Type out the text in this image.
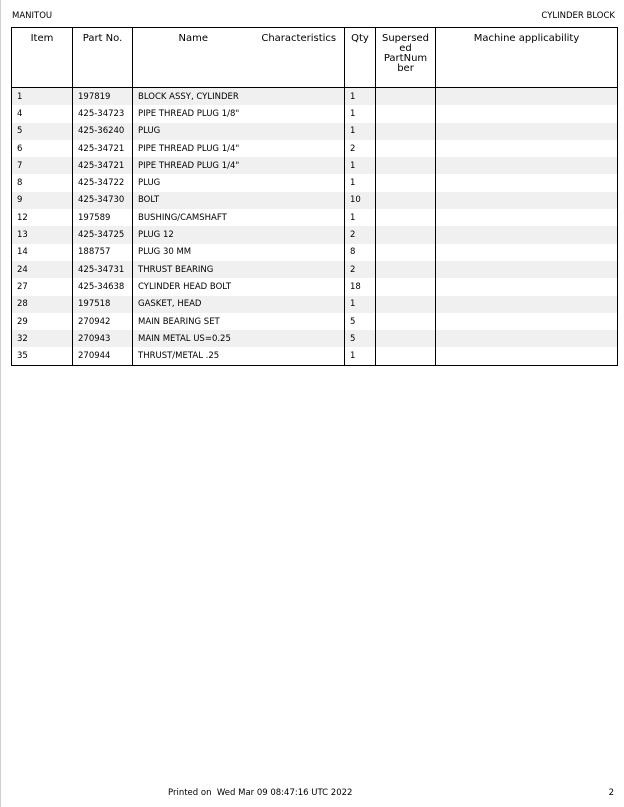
MANITOU	CYLINDER BLOCK
Item	Part No.	Name	Characteristics	Qty	Supersed
ed
PartNum
ber	Machine applicability
1	197819	BLOCK ASSY, CYLINDER		1		
4	425-34723	PIPE THREAD PLUG 1/8"		1		
5	425-36240	PLUG		1		
6	425-34721	PIPE THREAD PLUG 1/4"		2		
7	425-34721	PIPE THREAD PLUG 1/4"		1		
8	425-34722	PLUG		1		
9	425-34730	BOLT		10		
12	197589	BUSHING/CAMSHAFT		1		
13	425-34725	PLUG 12		2		
14	188757	PLUG 30 MM		8		
24	425-34731	THRUST BEARING		2		
27	425-34638	CYLINDER HEAD BOLT		18		
28	197518	GASKET, HEAD		1		
29	270942	MAIN BEARING SET		5		
32	270943	MAIN METAL US=0.25		5		
35	270944	THRUST/METAL .25		1		
Printed on Wed Mar 09 08:47:16 UTC 2022	2
